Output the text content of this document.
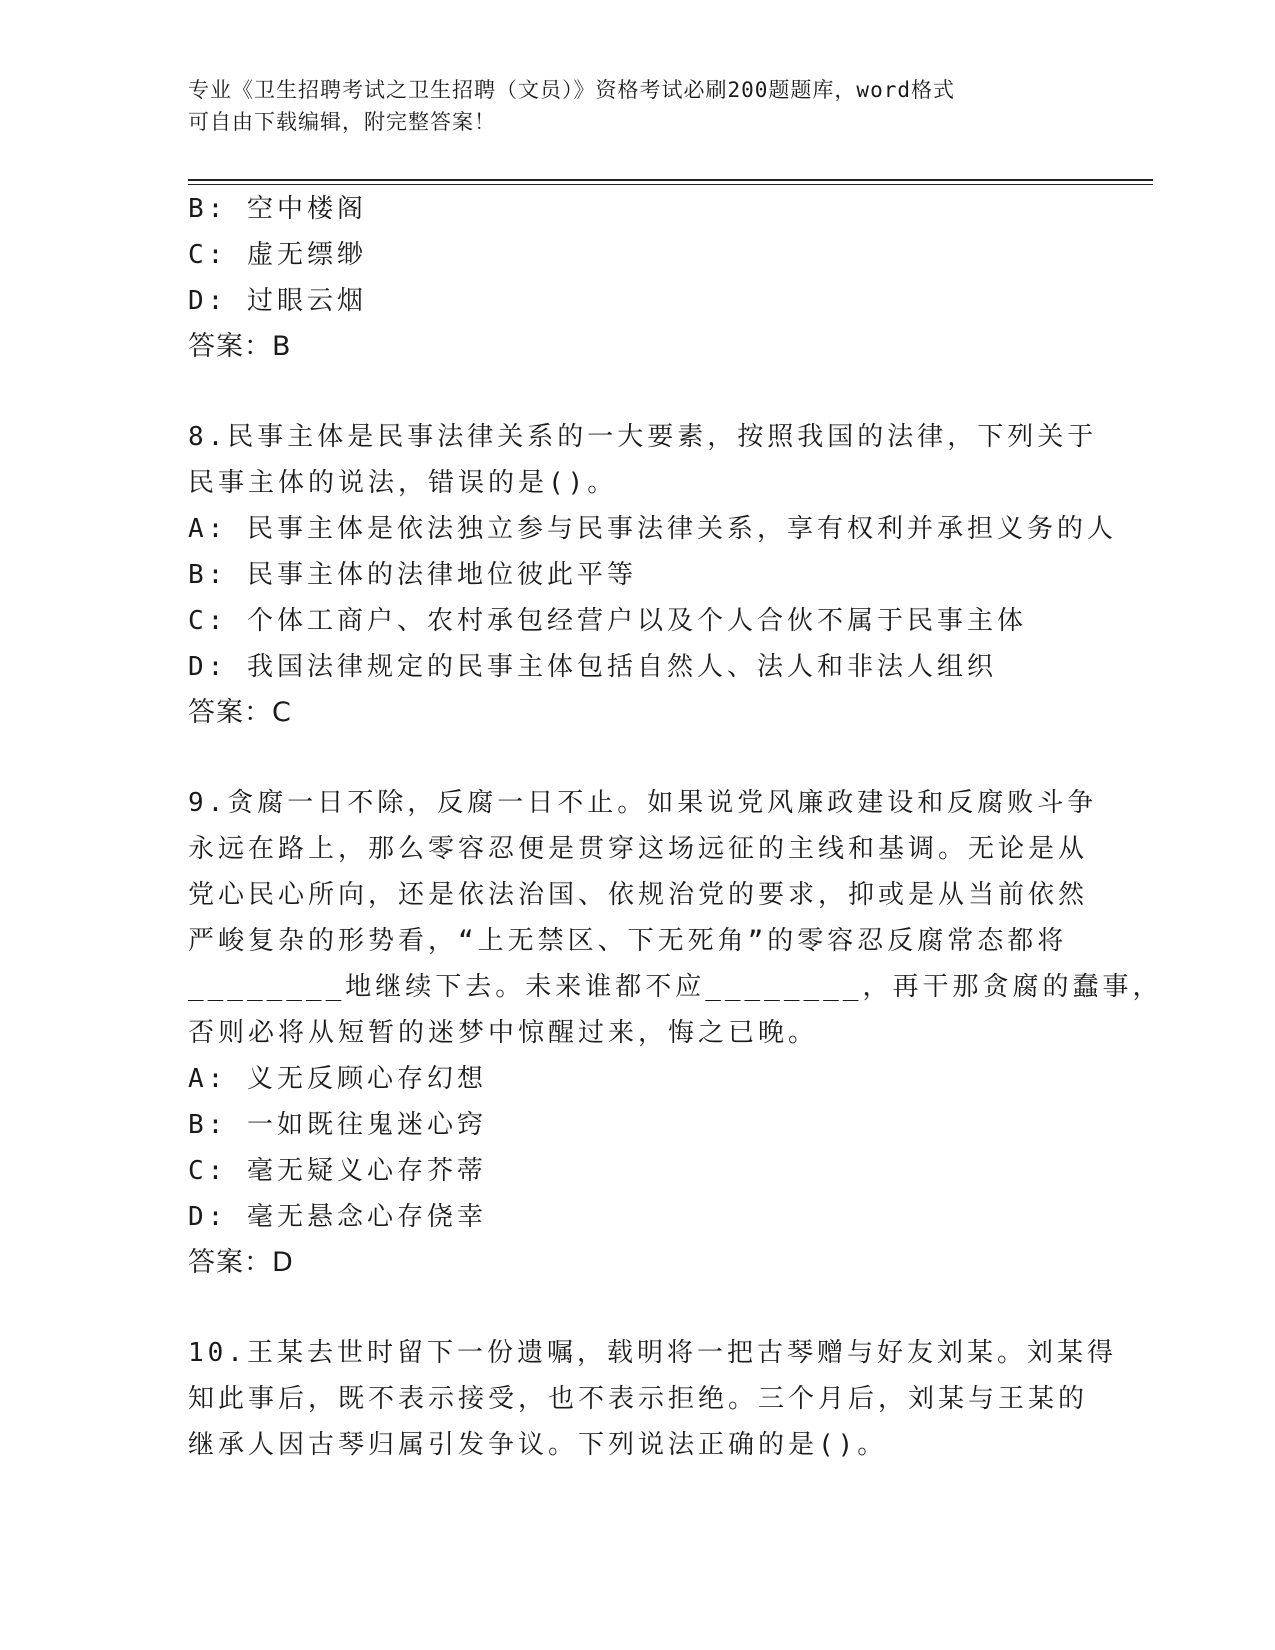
专业《卫生招聘考试之卫生招聘（文员）》资格考试必刷200题题库，word格式

可自由下载编辑，附完整答案！

B: 空中楼阁

C: 虚无缥缈

D: 过眼云烟

答案：B

8.民事主体是民事法律关系的一大要素，按照我国的法律，下列关于

民事主体的说法，错误的是()。

A: 民事主体是依法独立参与民事法律关系，享有权利并承担义务的人

B: 民事主体的法律地位彼此平等

C: 个体工商户、农村承包经营户以及个人合伙不属于民事主体

D: 我国法律规定的民事主体包括自然人、法人和非法人组织

答案：C

9.贪腐一日不除，反腐一日不止。如果说党风廉政建设和反腐败斗争

永远在路上，那么零容忍便是贯穿这场远征的主线和基调。无论是从

党心民心所向，还是依法治国、依规治党的要求，抑或是从当前依然

严峻复杂的形势看，“上无禁区、下无死角”的零容忍反腐常态都将

________地继续下去。未来谁都不应________，再干那贪腐的蠢事，

否则必将从短暂的迷梦中惊醒过来，悔之已晚。

A: 义无反顾心存幻想

B: 一如既往鬼迷心窍

C: 毫无疑义心存芥蒂

D: 毫无悬念心存侥幸

答案：D

10.王某去世时留下一份遗嘱，载明将一把古琴赠与好友刘某。刘某得

知此事后，既不表示接受，也不表示拒绝。三个月后，刘某与王某的

继承人因古琴归属引发争议。下列说法正确的是()。
